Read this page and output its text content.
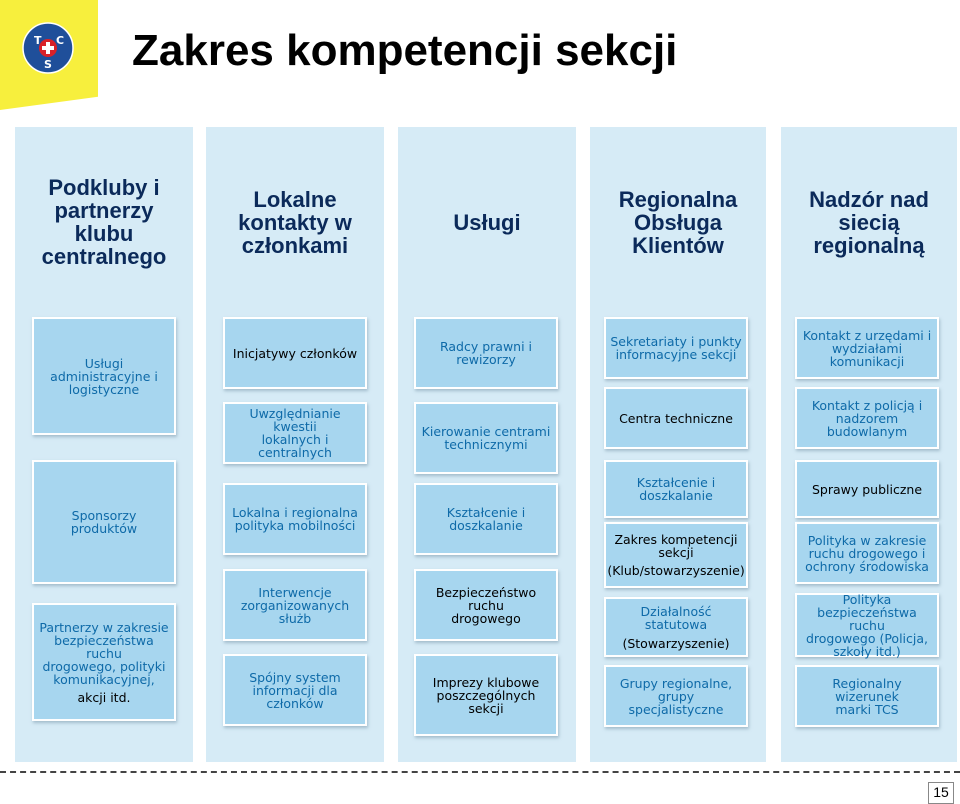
T C
S Zakres kompetencji sekcji
Podkluby i
partnerzy
klubu
centralnego
Usługi
administracyjne i
logistyczne
Sponsorzy produktów
Partnerzy w zakresie
bezpieczeństwa ruchu
drogowego, polityki
komunikacyjnej,
akcji itd.
Lokalne
kontakty w
członkami
Inicjatywy członków
Uwzględnianie kwestii
lokalnych i
centralnych
Lokalna i regionalna
polityka mobilności
Interwencje
zorganizowanych
służb
Spójny system
informacji dla
członków
Usługi
Radcy prawni i
rewizorzy
Kierowanie centrami
technicznymi
Kształcenie i
doszkalanie
Bezpieczeństwo ruchu
drogowego
Imprezy klubowe
poszczególnych sekcji
Regionalna
Obsługa
Klientów
Sekretariaty i punkty
informacyjne sekcji
Centra techniczne
Kształcenie i
doszkalanie
Zakres kompetencji
sekcji
(Klub/stowarzyszenie)
Działalność statutowa
(Stowarzyszenie)
Grupy regionalne,
grupy specjalistyczne
Nadzór nad
siecią
regionalną
Kontakt z urzędami i
wydziałami
komunikacji
Kontakt z policją i
nadzorem
budowlanym
Sprawy publiczne
Polityka w zakresie
ruchu drogowego i
ochrony środowiska
Polityka
bezpieczeństwa ruchu
drogowego (Policja,
szkoły itd.)
Regionalny wizerunek
marki TCS
15
